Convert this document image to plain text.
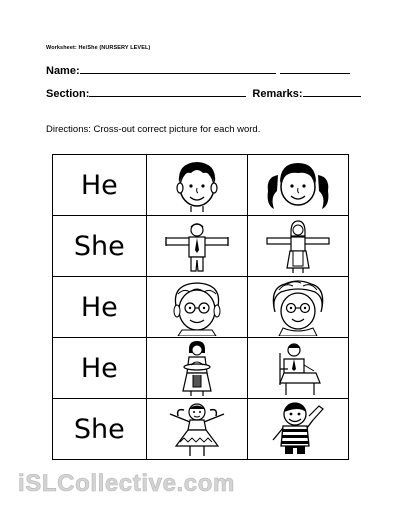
Worksheet: He/She (NURSERY LEVEL)
Name:
Section:	Remarks:
Directions: Cross-out correct picture for each word.
He	

She	

He	

He	

She	

iSLCollective.com
